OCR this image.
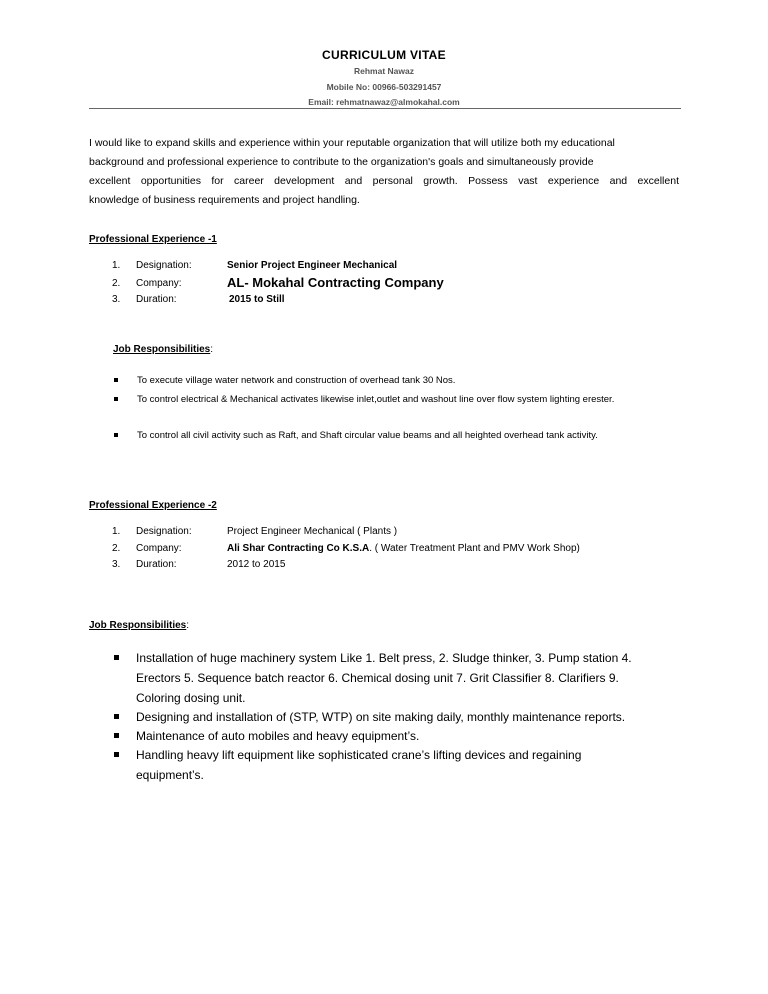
CURRICULUM VITAE
Rehmat Nawaz
Mobile No: 00966-503291457
Email: rehmatnawaz@almokahal.com
I would like to expand skills and experience within your reputable organization that will utilize both my educational
background and professional experience to contribute to the organization's goals and simultaneously provide
excellent opportunities for career development and personal growth. Possess vast experience and excellent
knowledge of business requirements and project handling.
Professional Experience -1
1.	Designation:	Senior Project Engineer Mechanical
2.	Company:	AL- Mokahal Contracting Company
3.	Duration:	2015 to Still
Job Responsibilities:
To execute village water network and construction of overhead tank 30 Nos.
To control electrical & Mechanical activates likewise inlet,outlet and washout line over flow system lighting erester.
To control all civil activity such as Raft, and Shaft circular value beams and all heighted overhead tank activity.
Professional Experience -2
1.	Designation:	Project Engineer Mechanical ( Plants )
2.	Company:	Ali Shar Contracting Co K.S.A. ( Water Treatment Plant and PMV Work Shop)
3.	Duration:	2012 to 2015
Job Responsibilities:
Installation of huge machinery system Like 1. Belt press, 2. Sludge thinker, 3. Pump station 4. Erectors 5. Sequence batch reactor 6. Chemical dosing unit 7. Grit Classifier 8. Clarifiers 9. Coloring dosing unit.
Designing and installation of (STP, WTP) on site making daily, monthly maintenance reports.
Maintenance of auto mobiles and heavy equipment’s.
Handling heavy lift equipment like sophisticated crane’s lifting devices and regaining equipment’s.
